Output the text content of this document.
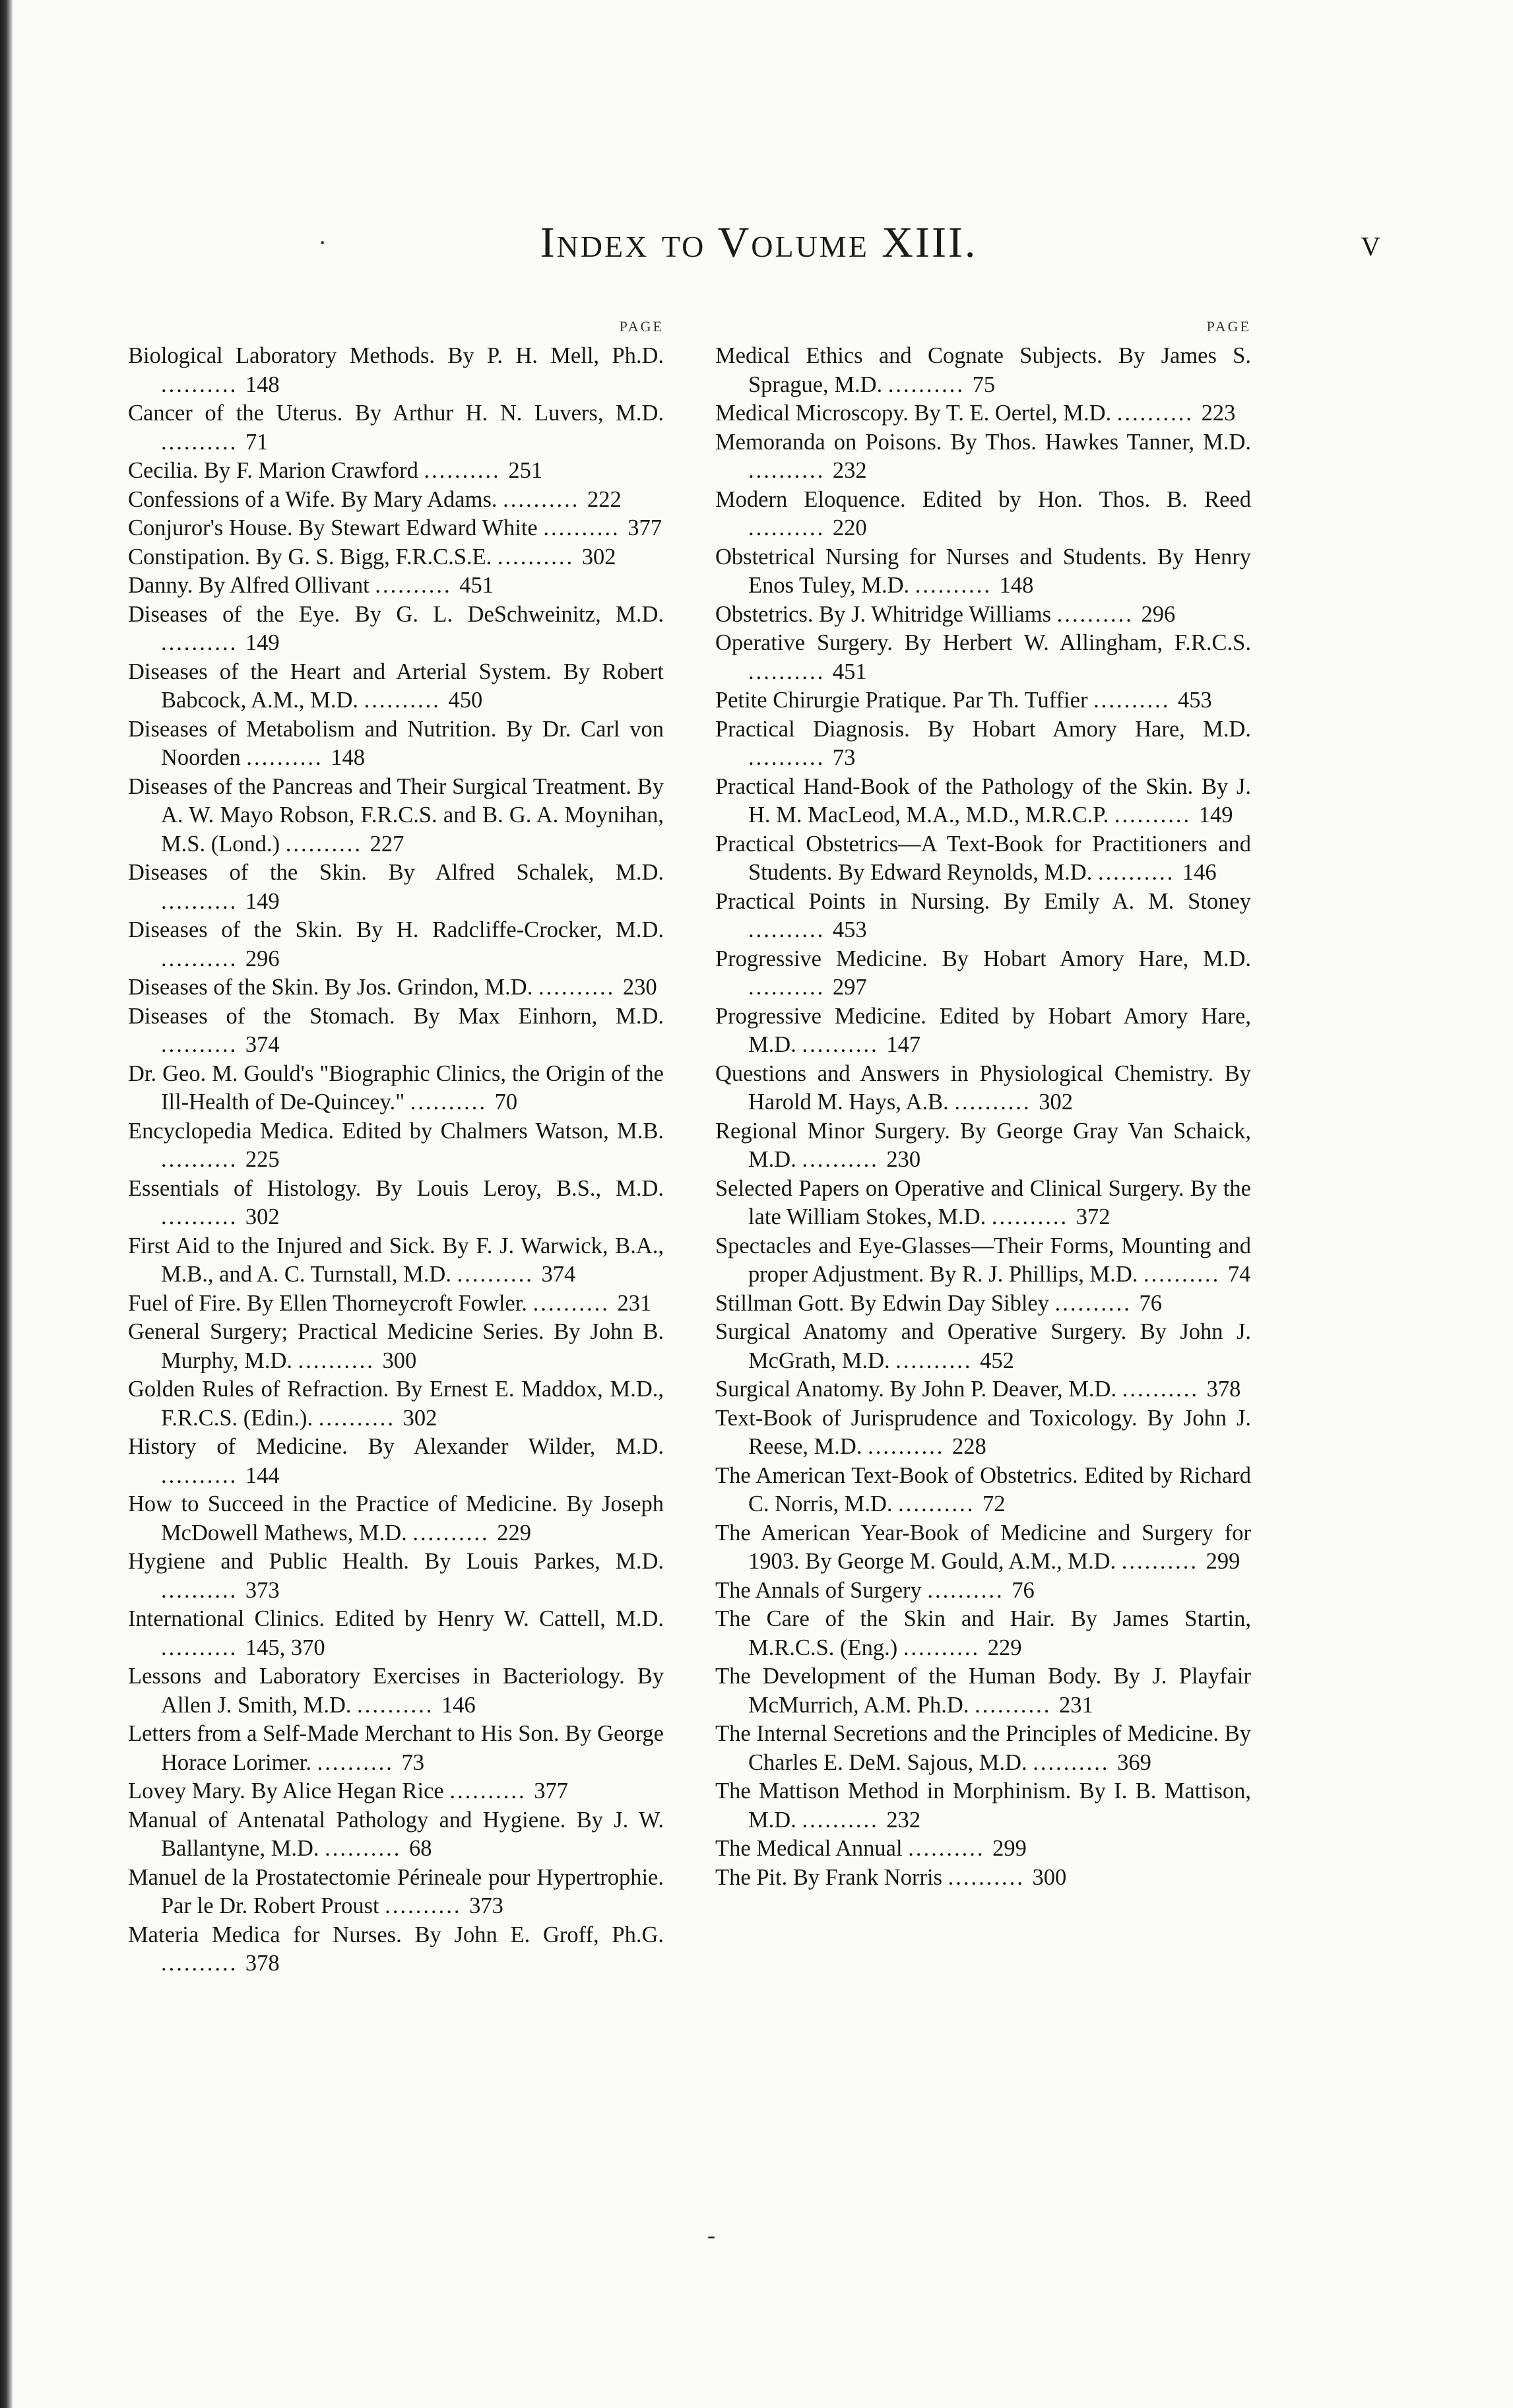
·	Index to Volume XIII.	v
PAGE

Biological Laboratory Methods. By P. H. Mell, Ph.D. .......... 148

Cancer of the Uterus. By Arthur H. N. Luvers, M.D. .......... 71

Cecilia. By F. Marion Crawford .......... 251

Confessions of a Wife. By Mary Adams. .......... 222

Conjuror's House. By Stewart Edward White .......... 377

Constipation. By G. S. Bigg, F.R.C.S.E. .......... 302

Danny. By Alfred Ollivant .......... 451

Diseases of the Eye. By G. L. DeSchweinitz, M.D. .......... 149

Diseases of the Heart and Arterial System. By Robert Babcock, A.M., M.D. .......... 450

Diseases of Metabolism and Nutrition. By Dr. Carl von Noorden .......... 148

Diseases of the Pancreas and Their Surgical Treatment. By A. W. Mayo Robson, F.R.C.S. and B. G. A. Moynihan, M.S. (Lond.) .......... 227

Diseases of the Skin. By Alfred Schalek, M.D. .......... 149

Diseases of the Skin. By H. Radcliffe-Crocker, M.D. .......... 296

Diseases of the Skin. By Jos. Grindon, M.D. .......... 230

Diseases of the Stomach. By Max Einhorn, M.D. .......... 374

Dr. Geo. M. Gould's "Biographic Clinics, the Origin of the Ill-Health of De-Quincey." .......... 70

Encyclopedia Medica. Edited by Chalmers Watson, M.B. .......... 225

Essentials of Histology. By Louis Leroy, B.S., M.D. .......... 302

First Aid to the Injured and Sick. By F. J. Warwick, B.A., M.B., and A. C. Turnstall, M.D. .......... 374

Fuel of Fire. By Ellen Thorneycroft Fowler. .......... 231

General Surgery; Practical Medicine Series. By John B. Murphy, M.D. .......... 300

Golden Rules of Refraction. By Ernest E. Maddox, M.D., F.R.C.S. (Edin.). .......... 302

History of Medicine. By Alexander Wilder, M.D. .......... 144

How to Succeed in the Practice of Medicine. By Joseph McDowell Mathews, M.D. .......... 229

Hygiene and Public Health. By Louis Parkes, M.D. .......... 373

International Clinics. Edited by Henry W. Cattell, M.D. .......... 145, 370

Lessons and Laboratory Exercises in Bacteriology. By Allen J. Smith, M.D. .......... 146

Letters from a Self-Made Merchant to His Son. By George Horace Lorimer. .......... 73

Lovey Mary. By Alice Hegan Rice .......... 377

Manual of Antenatal Pathology and Hygiene. By J. W. Ballantyne, M.D. .......... 68

Manuel de la Prostatectomie Périneale pour Hypertrophie. Par le Dr. Robert Proust .......... 373

Materia Medica for Nurses. By John E. Groff, Ph.G. .......... 378

PAGE

Medical Ethics and Cognate Subjects. By James S. Sprague, M.D. .......... 75

Medical Microscopy. By T. E. Oertel, M.D. .......... 223

Memoranda on Poisons. By Thos. Hawkes Tanner, M.D. .......... 232

Modern Eloquence. Edited by Hon. Thos. B. Reed .......... 220

Obstetrical Nursing for Nurses and Students. By Henry Enos Tuley, M.D. .......... 148

Obstetrics. By J. Whitridge Williams .......... 296

Operative Surgery. By Herbert W. Allingham, F.R.C.S. .......... 451

Petite Chirurgie Pratique. Par Th. Tuffier .......... 453

Practical Diagnosis. By Hobart Amory Hare, M.D. .......... 73

Practical Hand-Book of the Pathology of the Skin. By J. H. M. MacLeod, M.A., M.D., M.R.C.P. .......... 149

Practical Obstetrics—A Text-Book for Practitioners and Students. By Edward Reynolds, M.D. .......... 146

Practical Points in Nursing. By Emily A. M. Stoney .......... 453

Progressive Medicine. By Hobart Amory Hare, M.D. .......... 297

Progressive Medicine. Edited by Hobart Amory Hare, M.D. .......... 147

Questions and Answers in Physiological Chemistry. By Harold M. Hays, A.B. .......... 302

Regional Minor Surgery. By George Gray Van Schaick, M.D. .......... 230

Selected Papers on Operative and Clinical Surgery. By the late William Stokes, M.D. .......... 372

Spectacles and Eye-Glasses—Their Forms, Mounting and proper Adjustment. By R. J. Phillips, M.D. .......... 74

Stillman Gott. By Edwin Day Sibley .......... 76

Surgical Anatomy and Operative Surgery. By John J. McGrath, M.D. .......... 452

Surgical Anatomy. By John P. Deaver, M.D. .......... 378

Text-Book of Jurisprudence and Toxicology. By John J. Reese, M.D. .......... 228

The American Text-Book of Obstetrics. Edited by Richard C. Norris, M.D. .......... 72

The American Year-Book of Medicine and Surgery for 1903. By George M. Gould, A.M., M.D. .......... 299

The Annals of Surgery .......... 76

The Care of the Skin and Hair. By James Startin, M.R.C.S. (Eng.) .......... 229

The Development of the Human Body. By J. Playfair McMurrich, A.M. Ph.D. .......... 231

The Internal Secretions and the Principles of Medicine. By Charles E. DeM. Sajous, M.D. .......... 369

The Mattison Method in Morphinism. By I. B. Mattison, M.D. .......... 232

The Medical Annual .......... 299

The Pit. By Frank Norris .......... 300

-
